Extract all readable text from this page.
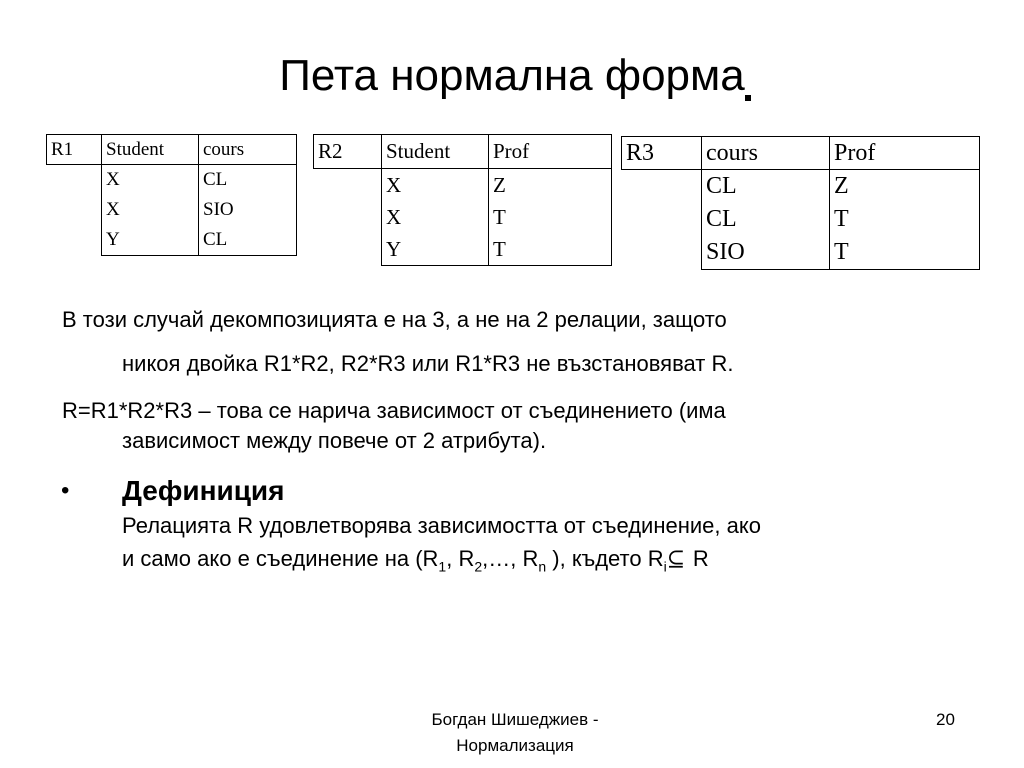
Пета нормална форма
R1	Student	cours
	X	CL
	X	SIO
	Y	CL
R2	Student	Prof
	X	Z
	X	T
	Y	T
R3	cours	Prof
	CL	Z
	CL	T
	SIO	T
В този случай декомпозицията е на 3, а не на 2 релации, защото
никоя двойка R1*R2, R2*R3 или R1*R3 не възстановяват R.
R=R1*R2*R3 – това се нарича зависимост от съединението (има
зависимост между повече от 2 атрибута).
• Дефиниция
Релацията R удовлетворява зависимостта от съединение, ако
и само ако е съединение на ($R_1$, $R_2,\dots$, $R_n$ ), където $R_i⊆$ R
Богдан Шишеджиев -
Нормализация
20
